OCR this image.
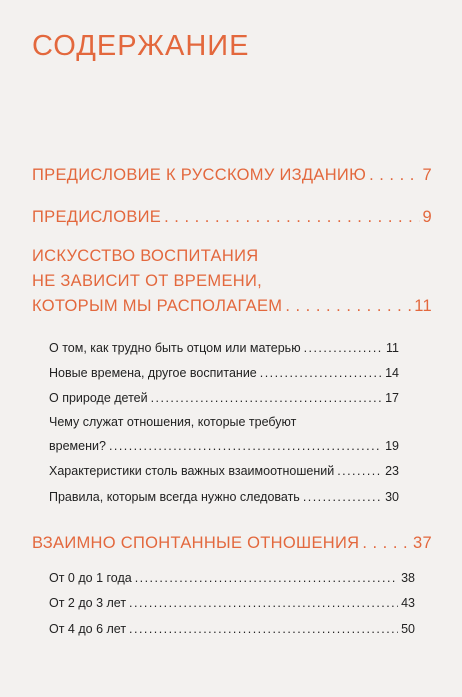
СОДЕРЖАНИЕ
ПРЕДИСЛОВИЕ К РУССКОМУ ИЗДАНИЮ . . .	7
ПРЕДИСЛОВИЕ . . .	9
ИСКУССТВО ВОСПИТАНИЯ
НЕ ЗАВИСИТ ОТ ВРЕМЕНИ,
КОТОРЫМ МЫ РАСПОЛАГАЕМ . . .	11
О том, как трудно быть отцом или матерью . . .	11
Новые времена, другое воспитание . . .	14
О природе детей . . .	17
Чему служат отношения, которые требуют
времени? . . .	19
Характеристики столь важных взаимоотношений . . .	23
Правила, которым всегда нужно следовать . . .	30
ВЗАИМНО СПОНТАННЫЕ ОТНОШЕНИЯ . . .	37
От 0 до 1 года . . .	38
От 2 до 3 лет . . .	43
От 4 до 6 лет . . .	50
